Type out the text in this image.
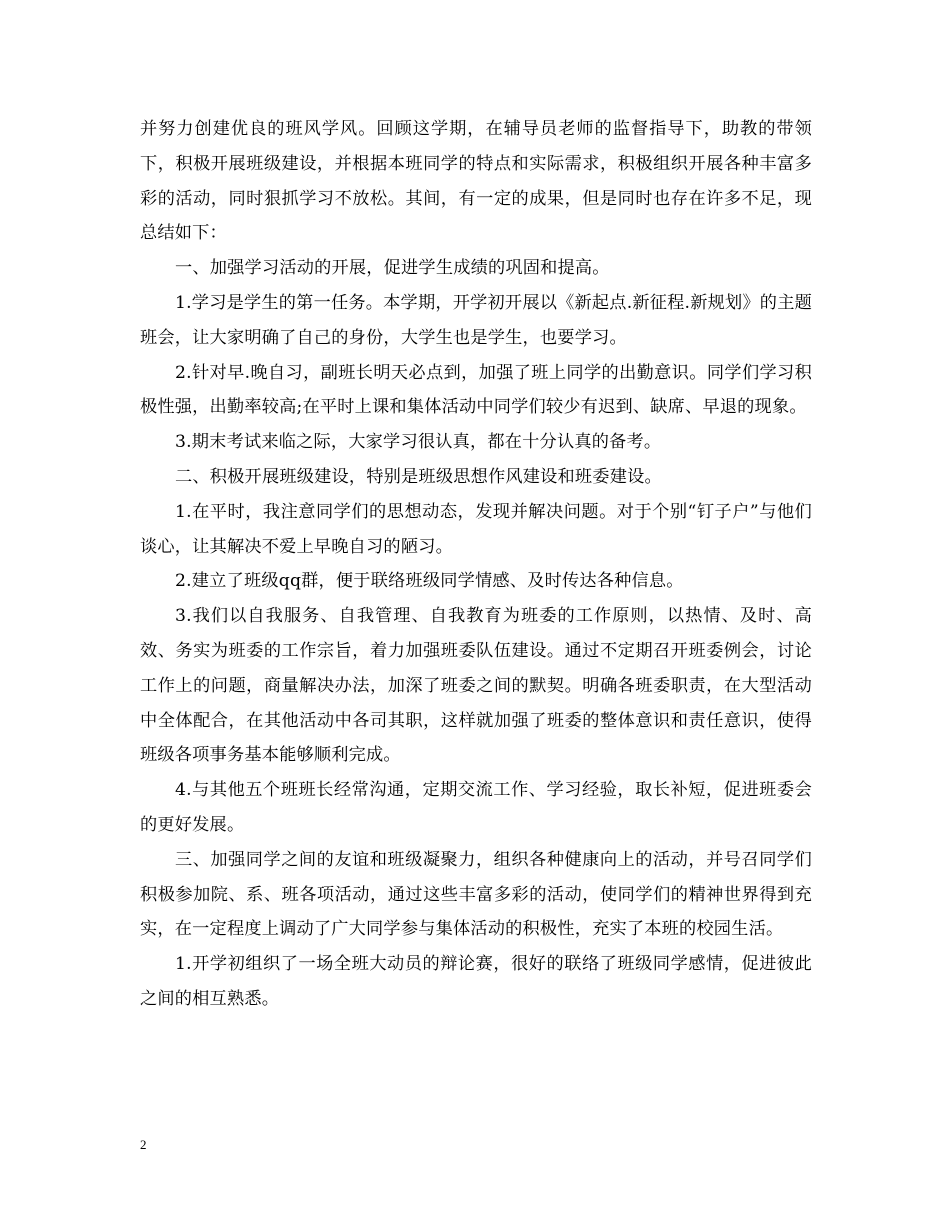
并努力创建优良的班风学风。回顾这学期，在辅导员老师的监督指导下，助教的带领下，积极开展班级建设，并根据本班同学的特点和实际需求，积极组织开展各种丰富多彩的活动，同时狠抓学习不放松。其间，有一定的成果，但是同时也存在许多不足，现总结如下：

一、加强学习活动的开展，促进学生成绩的巩固和提高。

1.学习是学生的第一任务。本学期，开学初开展以《新起点.新征程.新规划》的主题班会，让大家明确了自己的身份，大学生也是学生，也要学习。

2.针对早.晚自习，副班长明天必点到，加强了班上同学的出勤意识。同学们学习积极性强，出勤率较高;在平时上课和集体活动中同学们较少有迟到、缺席、早退的现象。

3.期末考试来临之际，大家学习很认真，都在十分认真的备考。

二、积极开展班级建设，特别是班级思想作风建设和班委建设。

1.在平时，我注意同学们的思想动态，发现并解决问题。对于个别“钉子户”与他们谈心，让其解决不爱上早晚自习的陋习。

2.建立了班级qq群，便于联络班级同学情感、及时传达各种信息。

3.我们以自我服务、自我管理、自我教育为班委的工作原则，以热情、及时、高效、务实为班委的工作宗旨，着力加强班委队伍建设。通过不定期召开班委例会，讨论工作上的问题，商量解决办法，加深了班委之间的默契。明确各班委职责，在大型活动中全体配合，在其他活动中各司其职，这样就加强了班委的整体意识和责任意识，使得班级各项事务基本能够顺利完成。

4.与其他五个班班长经常沟通，定期交流工作、学习经验，取长补短，促进班委会的更好发展。

三、加强同学之间的友谊和班级凝聚力，组织各种健康向上的活动，并号召同学们积极参加院、系、班各项活动，通过这些丰富多彩的活动，使同学们的精神世界得到充实，在一定程度上调动了广大同学参与集体活动的积极性，充实了本班的校园生活。

1.开学初组织了一场全班大动员的辩论赛，很好的联络了班级同学感情，促进彼此之间的相互熟悉。

2
